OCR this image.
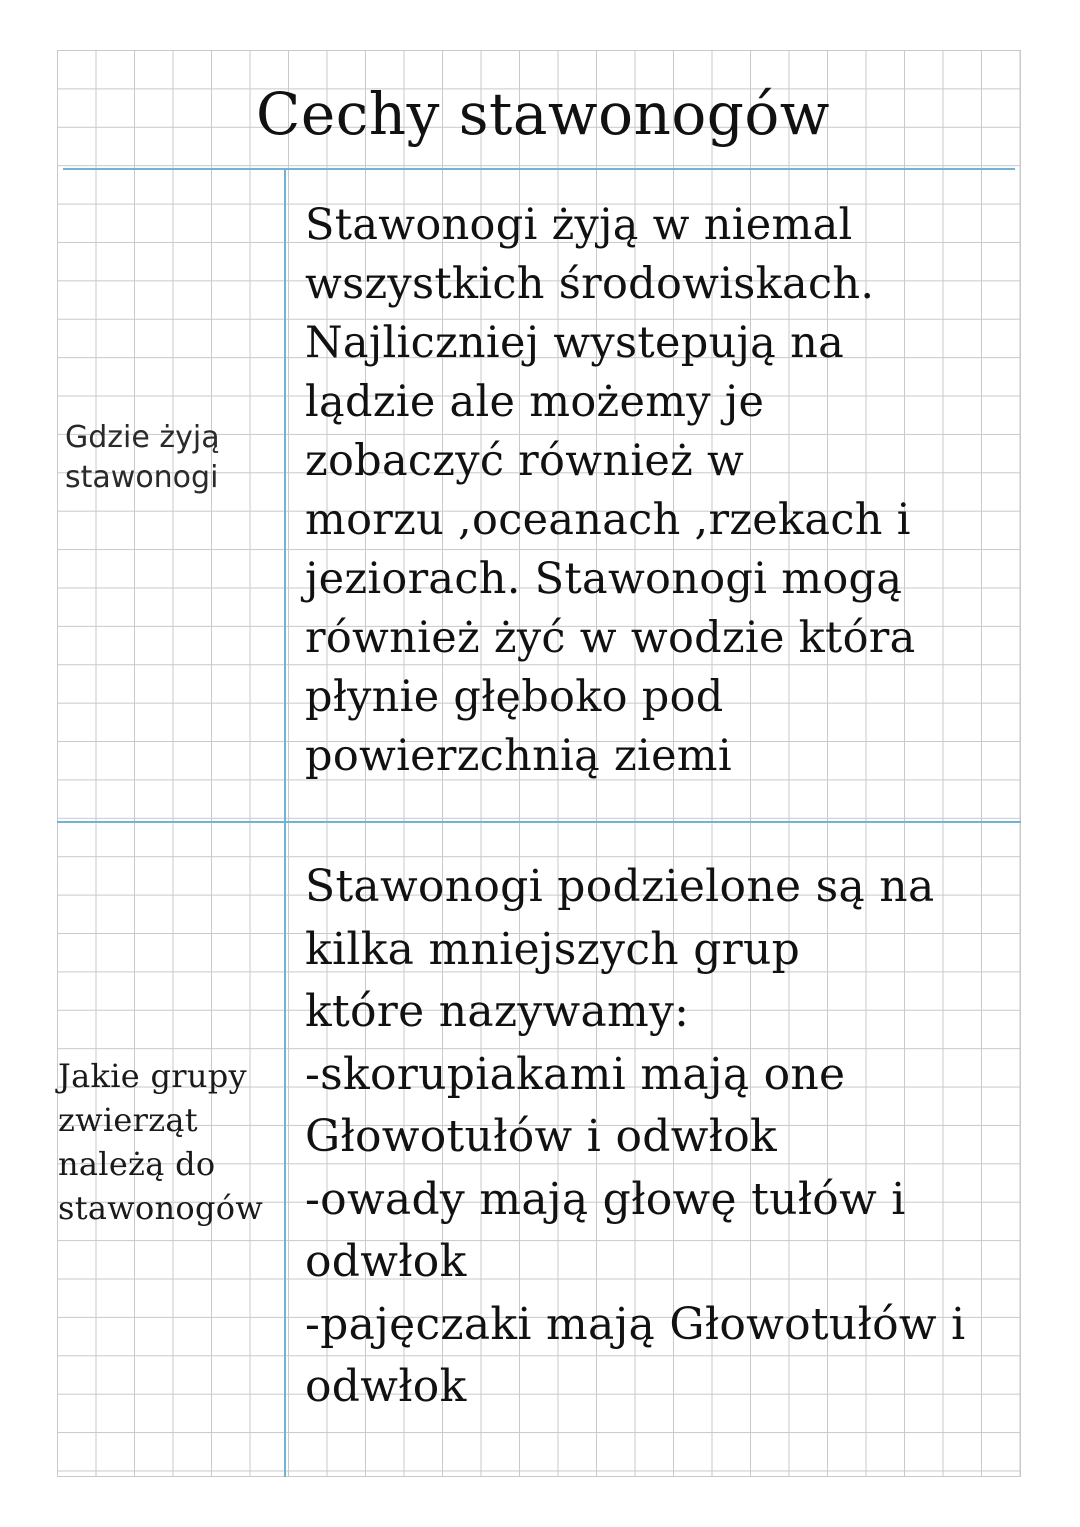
Cechy stawonogów

Gdzie żyją
stawonogi

Stawonogi żyją w niemal
wszystkich środowiskach.
Najliczniej wystepują na
lądzie ale możemy je
zobaczyć również w
morzu ,oceanach ,rzekach i
jeziorach. Stawonogi mogą
również żyć w wodzie która
płynie głęboko pod
powierzchnią ziemi

Jakie grupy
zwierząt
należą do
stawonogów

Stawonogi podzielone są na
kilka mniejszych grup
które nazywamy:
-skorupiakami mają one
Głowotułów i odwłok
-owady mają głowę tułów i
odwłok
-pajęczaki mają Głowotułów i
odwłok
